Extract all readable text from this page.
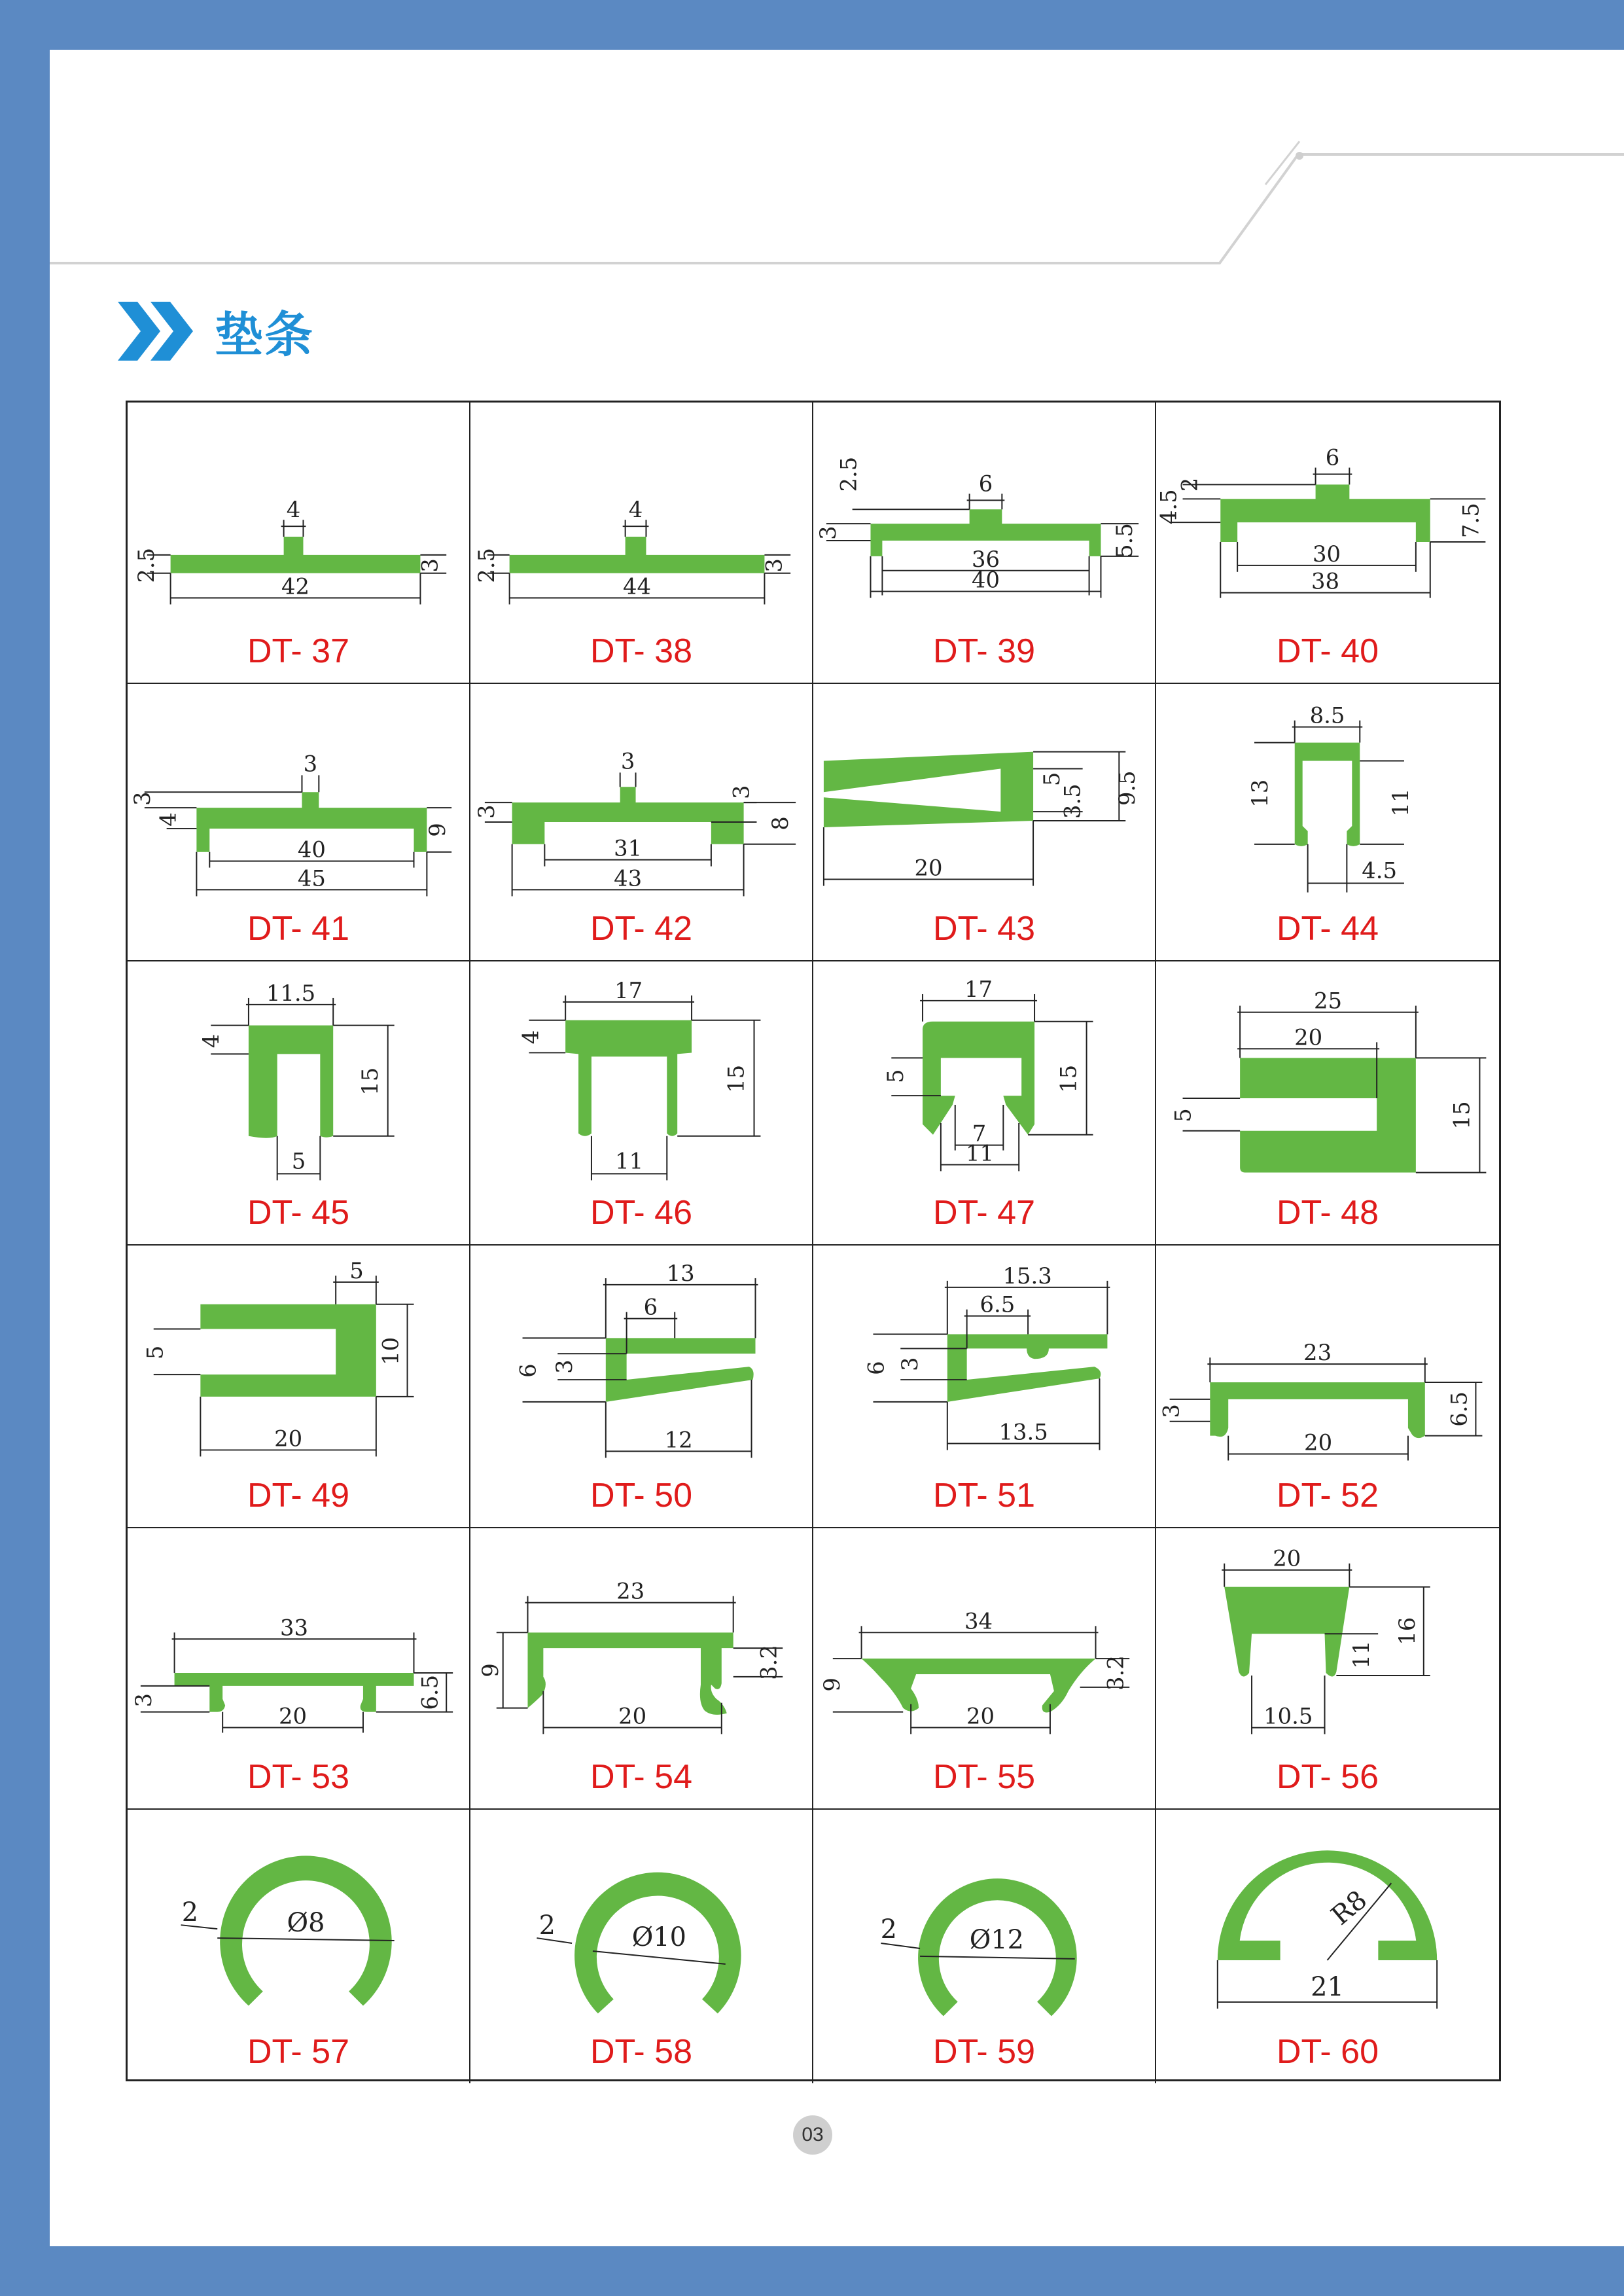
垫条
4
2.5	3
42
DT- 37
4
2.5	3
44
DT- 38
6
2.5
3	5.5
36
40
DT- 39
6
2
4.5	7.5
30
38
DT- 40
3
3
4
9
40
45
DT- 41
3
3
3
8
31
43
DT- 42
9.5
5
3.5
20
DT- 43
8.5
13	11
4.5
DT- 44
11.5
4
15
5
DT- 45
17
4
15
11
DT- 46
17
5	15
7
11
DT- 47
25
20
5	15
DT- 48
5
5	10
20
DT- 49
13
6
6 3
12
DT- 50
15.3
6.5
6 3
13.5
DT- 51
23
3	6.5
20
DT- 52
33
3	6.5
20
DT- 53
23
9	3.2
20
DT- 54
34
9	3.2
20
DT- 55
20
11
16
10.5
DT- 56
Ø8
2
DT- 57
Ø10
2
DT- 58
Ø12
2
DT- 59
R8
21
DT- 60
03
